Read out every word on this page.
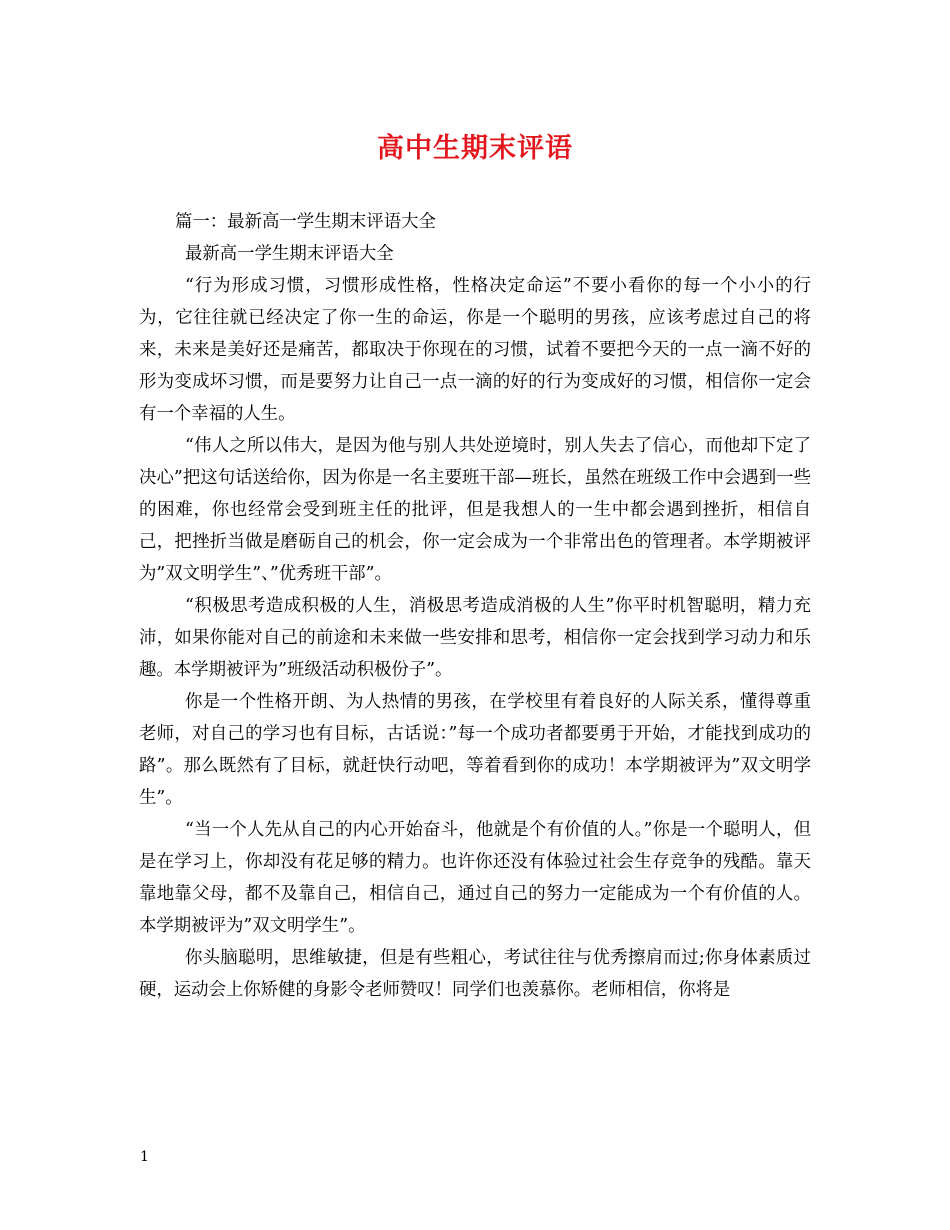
高中生期末评语

篇一：最新高一学生期末评语大全

最新高一学生期末评语大全

“行为形成习惯，习惯形成性格，性格决定命运”不要小看你的每一个小小的行为，它往往就已经决定了你一生的命运，你是一个聪明的男孩，应该考虑过自己的将来，未来是美好还是痛苦，都取决于你现在的习惯，试着不要把今天的一点一滴不好的形为变成坏习惯，而是要努力让自己一点一滴的好的行为变成好的习惯，相信你一定会有一个幸福的人生。

“伟人之所以伟大，是因为他与别人共处逆境时，别人失去了信心，而他却下定了决心”把这句话送给你，因为你是一名主要班干部—班长，虽然在班级工作中会遇到一些的困难，你也经常会受到班主任的批评，但是我想人的一生中都会遇到挫折，相信自己，把挫折当做是磨砺自己的机会，你一定会成为一个非常出色的管理者。本学期被评为”双文明学生”、”优秀班干部”。

“积极思考造成积极的人生，消极思考造成消极的人生”你平时机智聪明，精力充沛，如果你能对自己的前途和未来做一些安排和思考，相信你一定会找到学习动力和乐趣。本学期被评为”班级活动积极份子”。

你是一个性格开朗、为人热情的男孩，在学校里有着良好的人际关系，懂得尊重老师，对自己的学习也有目标，古话说：”每一个成功者都要勇于开始，才能找到成功的路”。那么既然有了目标，就赶快行动吧，等着看到你的成功！本学期被评为”双文明学生”。

“当一个人先从自己的内心开始奋斗，他就是个有价值的人。”你是一个聪明人，但是在学习上，你却没有花足够的精力。也许你还没有体验过社会生存竞争的残酷。靠天靠地靠父母，都不及靠自己，相信自己，通过自己的努力一定能成为一个有价值的人。本学期被评为”双文明学生”。

你头脑聪明，思维敏捷，但是有些粗心，考试往往与优秀擦肩而过;你身体素质过硬，运动会上你矫健的身影令老师赞叹！同学们也羡慕你。老师相信，你将是

1
